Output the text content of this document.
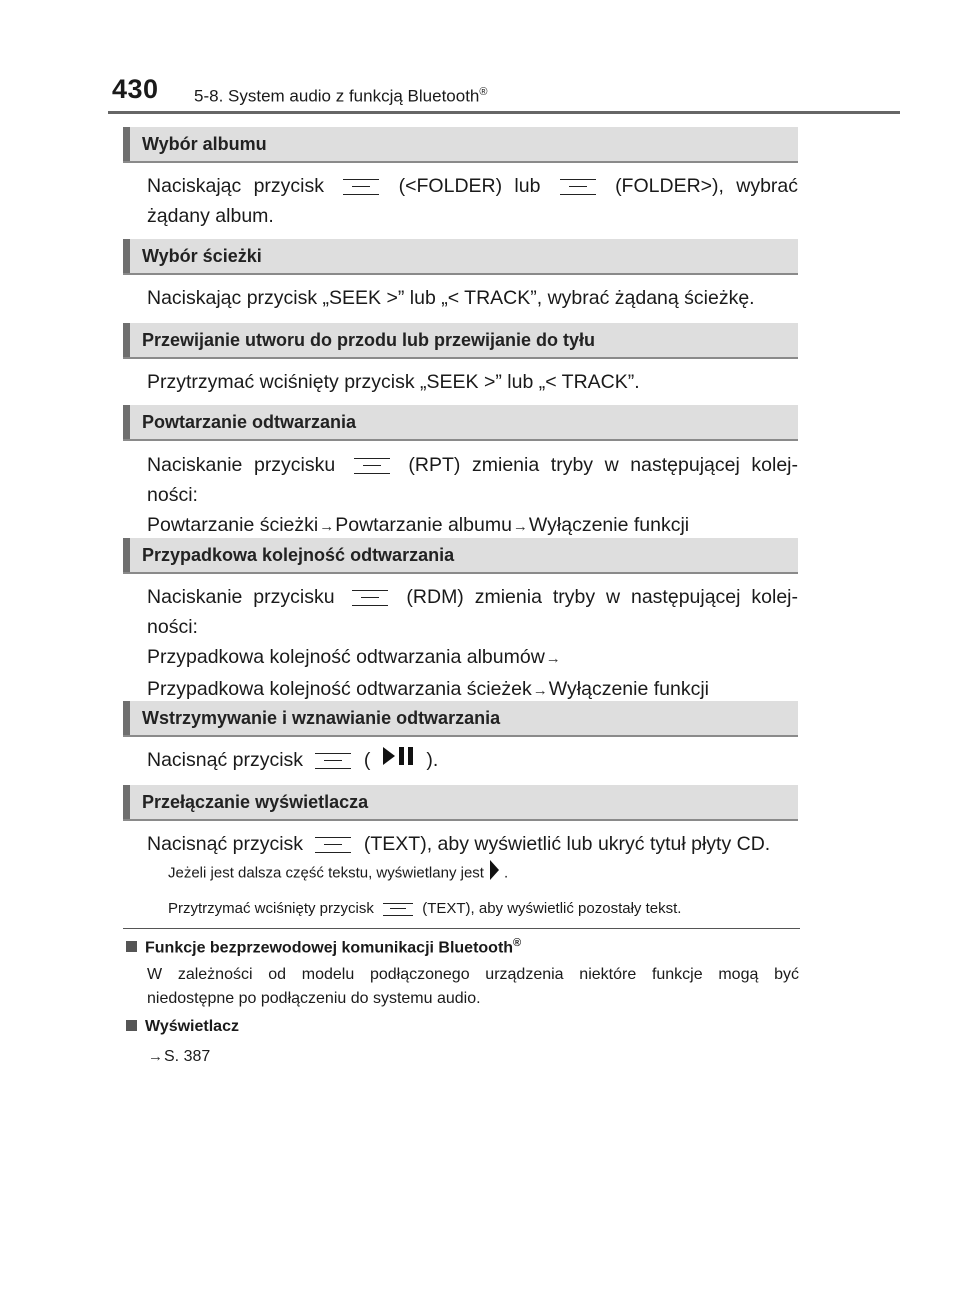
430 5-8. System audio z funkcją Bluetooth®
Wybór albumu
Naciskając przycisk	(<FOLDER) lub	(FOLDER>), wybrać
żądany album.
Wybór ścieżki
Naciskając przycisk „SEEK >” lub „< TRACK”, wybrać żądaną ścieżkę.
Przewijanie utworu do przodu lub przewijanie do tyłu
Przytrzymać wciśnięty przycisk „SEEK >” lub „< TRACK”.
Powtarzanie odtwarzania
Naciskanie przycisku	(RPT) zmienia tryby w następującej kolej-
ności:
Powtarzanie ścieżki→Powtarzanie albumu→Wyłączenie funkcji
Przypadkowa kolejność odtwarzania
Naciskanie przycisku	(RDM) zmienia tryby w następującej kolej-
ności:
Przypadkowa kolejność odtwarzania albumów→
Przypadkowa kolejność odtwarzania ścieżek→Wyłączenie funkcji
Wstrzymywanie i wznawianie odtwarzania
Nacisnąć przycisk	(	).
Przełączanie wyświetlacza
Nacisnąć przycisk	(TEXT), aby wyświetlić lub ukryć tytuł płyty CD.
Jeżeli jest dalsza część tekstu, wyświetlany jest .
Przytrzymać wciśnięty przycisk	(TEXT), aby wyświetlić pozostały tekst.
Funkcje bezprzewodowej komunikacji Bluetooth®
W zależności od modelu podłączonego urządzenia niektóre funkcje mogą być
niedostępne po podłączeniu do systemu audio.
Wyświetlacz
→S. 387
